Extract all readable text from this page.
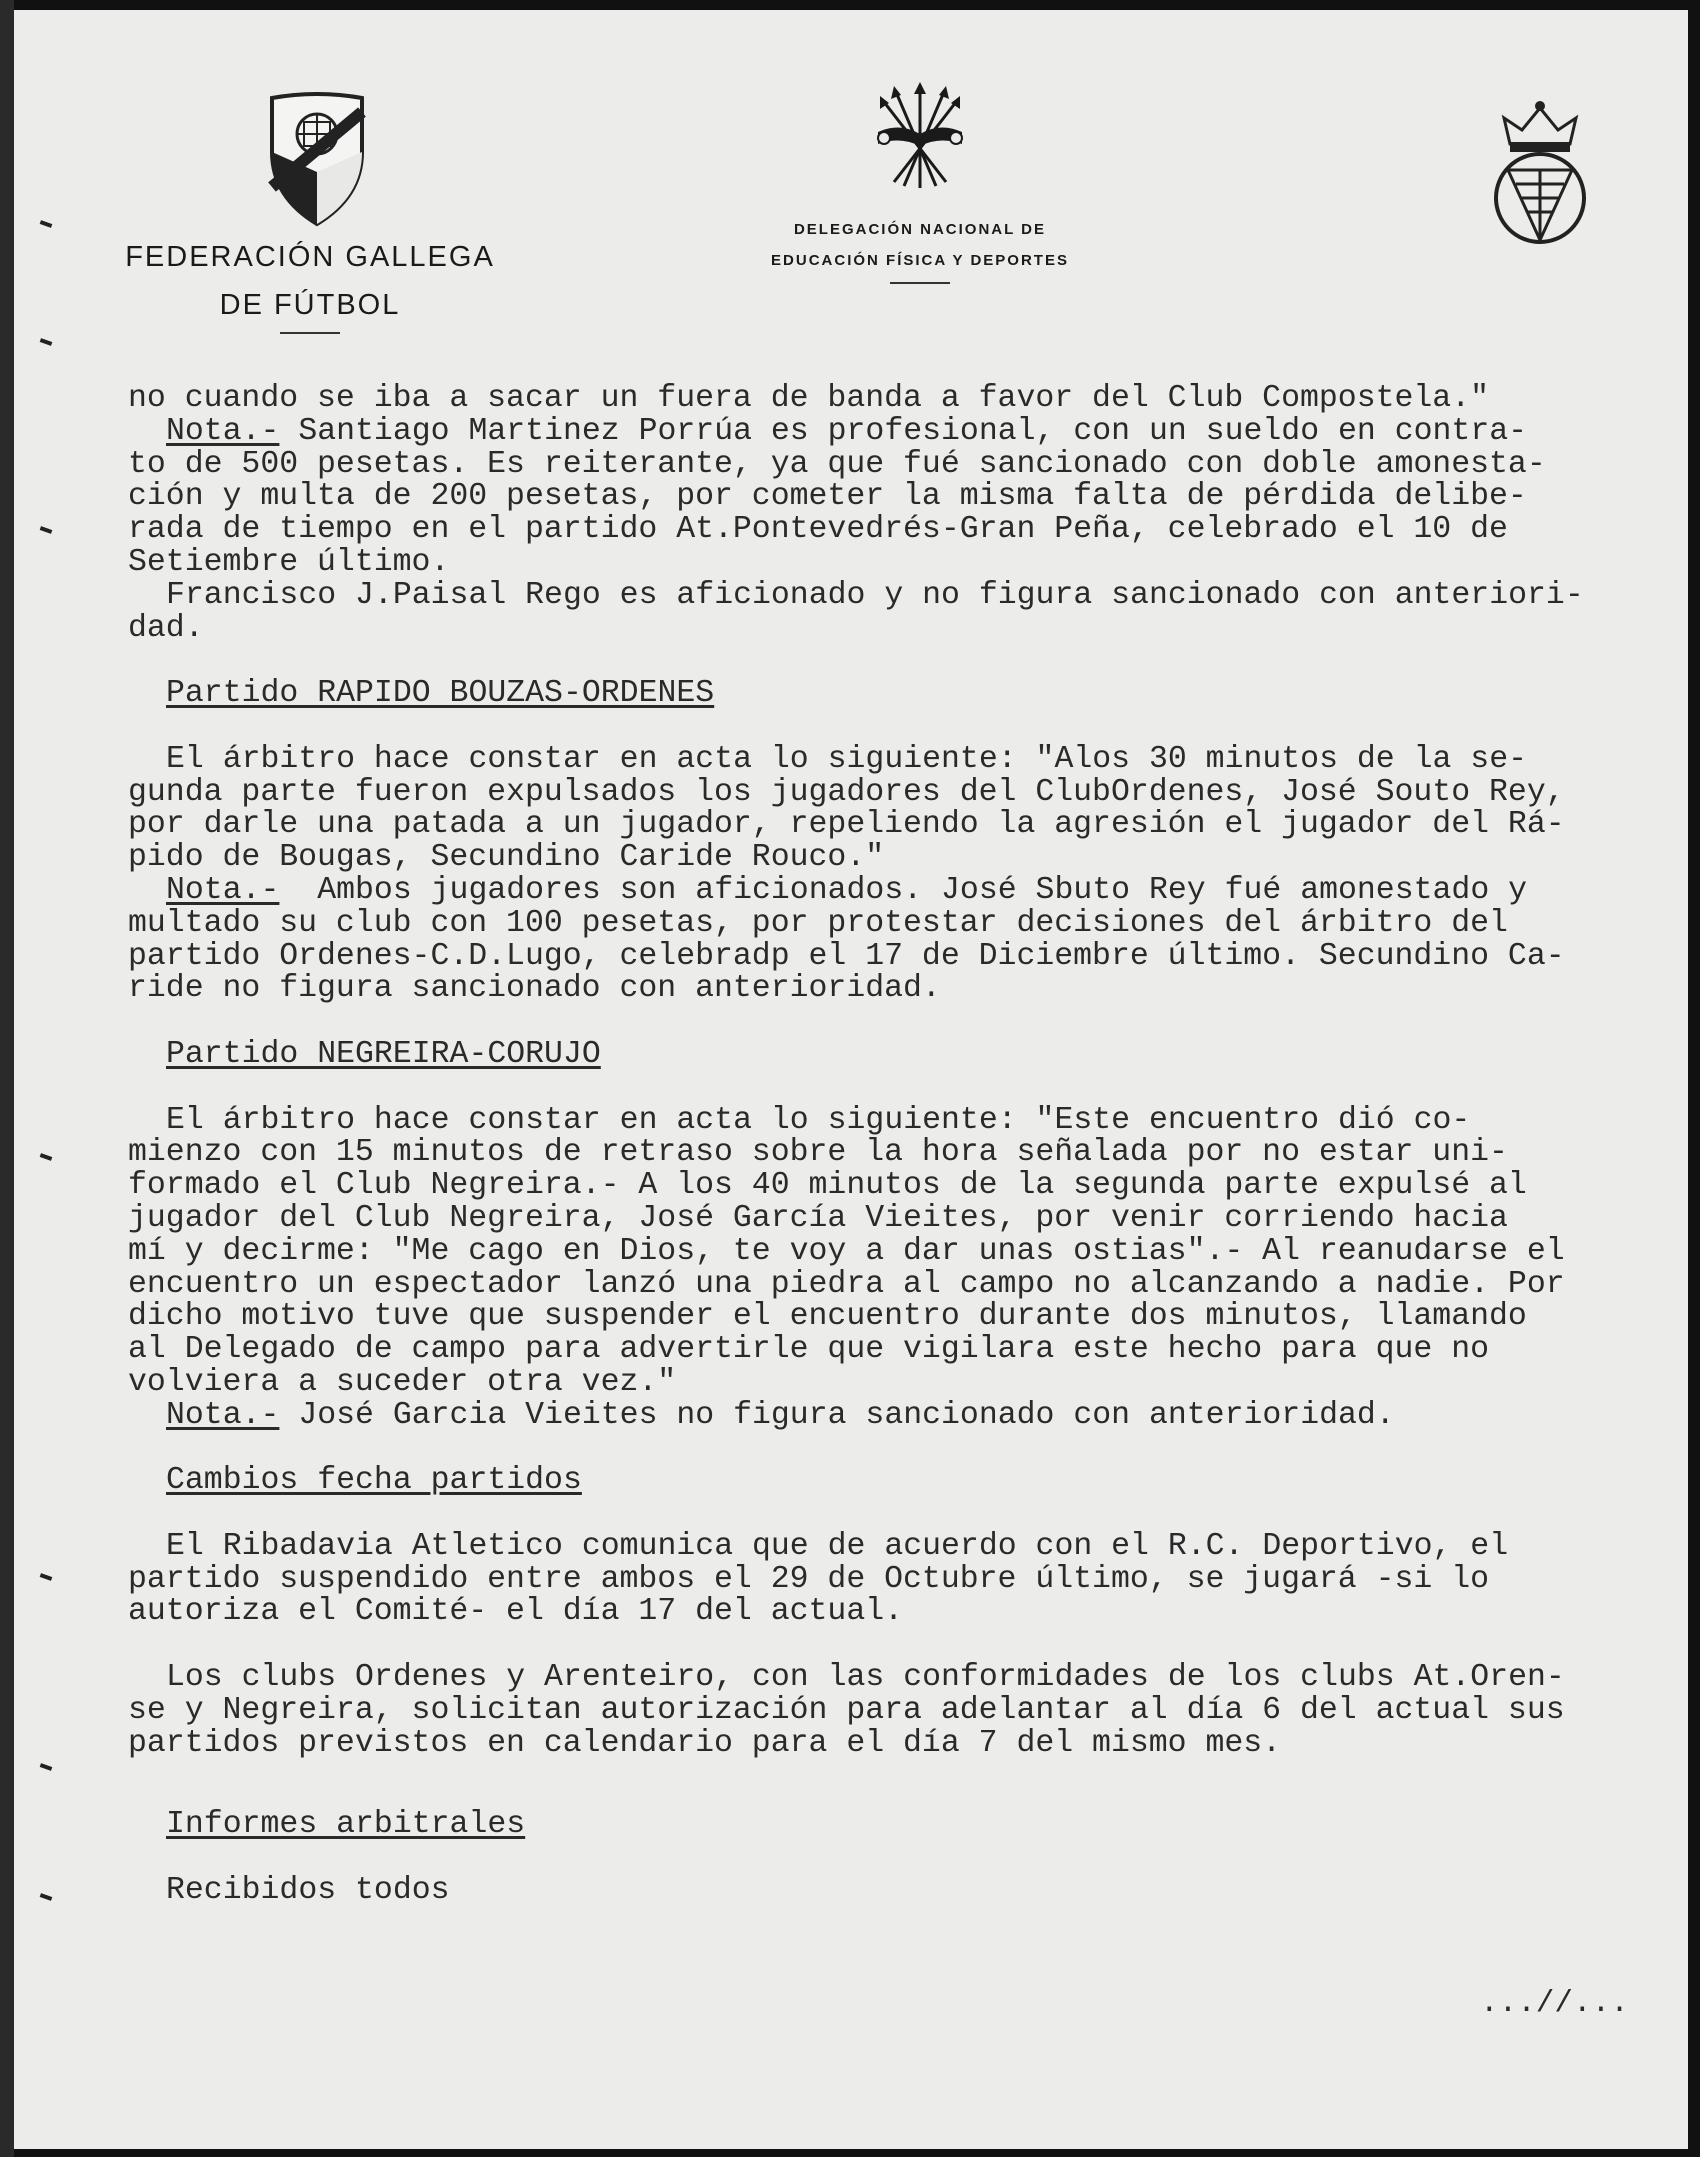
FEDERACIÓN GALLEGA
DE FÚTBOL
DELEGACIÓN NACIONAL DE
EDUCACIÓN FÍSICA Y DEPORTES
no cuando se iba a sacar un fuera de banda a favor del Club Compostela."
Nota.- Santiago Martinez Porrúa es profesional, con un sueldo en contra-
to de 500 pesetas. Es reiterante, ya que fué sancionado con doble amonesta-
ción y multa de 200 pesetas, por cometer la misma falta de pérdida delibe-
rada de tiempo en el partido At.Pontevedrés-Gran Peña, celebrado el 10 de
Setiembre último.
Francisco J.Paisal Rego es aficionado y no figura sancionado con anteriori-
dad.
Partido RAPIDO BOUZAS-ORDENES
El árbitro hace constar en acta lo siguiente: "Alos 30 minutos de la se-
gunda parte fueron expulsados los jugadores del ClubOrdenes, José Souto Rey,
por darle una patada a un jugador, repeliendo la agresión el jugador del Rá-
pido de Bougas, Secundino Caride Rouco."
Nota.-  Ambos jugadores son aficionados. José Sbuto Rey fué amonestado y
multado su club con 100 pesetas, por protestar decisiones del árbitro del
partido Ordenes-C.D.Lugo, celebradp el 17 de Diciembre último. Secundino Ca-
ride no figura sancionado con anterioridad.
Partido NEGREIRA-CORUJO
El árbitro hace constar en acta lo siguiente: "Este encuentro dió co-
mienzo con 15 minutos de retraso sobre la hora señalada por no estar uni-
formado el Club Negreira.- A los 40 minutos de la segunda parte expulsé al
jugador del Club Negreira, José García Vieites, por venir corriendo hacia
mí y decirme: "Me cago en Dios, te voy a dar unas ostias".- Al reanudarse el
encuentro un espectador lanzó una piedra al campo no alcanzando a nadie. Por
dicho motivo tuve que suspender el encuentro durante dos minutos, llamando
al Delegado de campo para advertirle que vigilara este hecho para que no
volviera a suceder otra vez."
Nota.- José Garcia Vieites no figura sancionado con anterioridad.
Cambios fecha partidos
El Ribadavia Atletico comunica que de acuerdo con el R.C. Deportivo, el
partido suspendido entre ambos el 29 de Octubre último, se jugará -si lo
autoriza el Comité- el día 17 del actual.
Los clubs Ordenes y Arenteiro, con las conformidades de los clubs At.Oren-
se y Negreira, solicitan autorización para adelantar al día 6 del actual sus
partidos previstos en calendario para el día 7 del mismo mes.
Informes arbitrales
Recibidos todos
...//...
